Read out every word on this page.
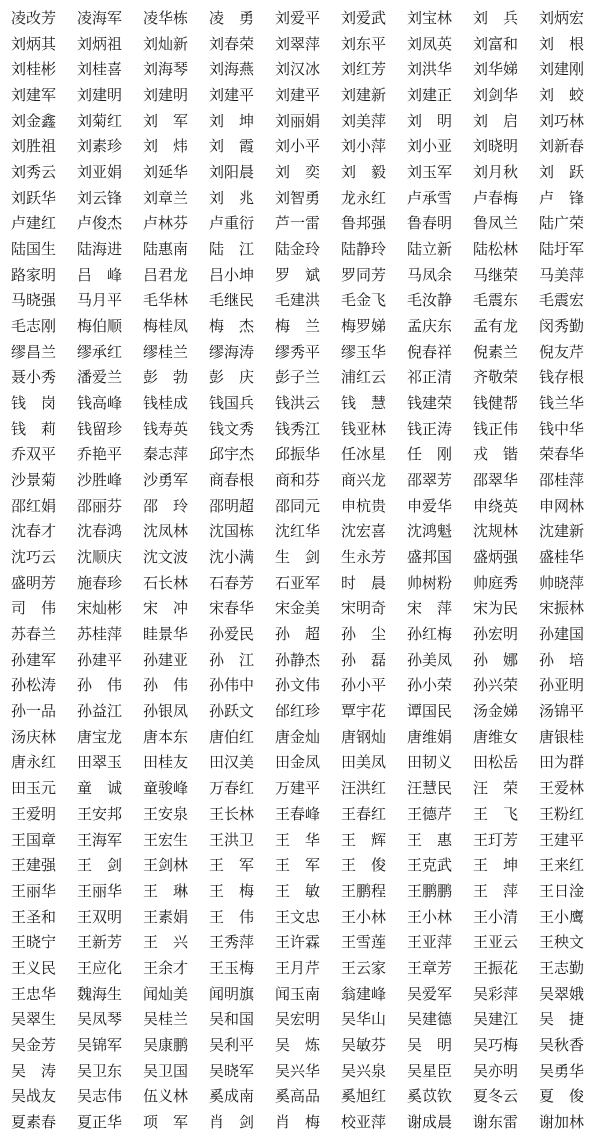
凌改芳	凌海军	凌华栋	凌　勇	刘爱平	刘爱武	刘宝林	刘　兵	刘炳宏
刘炳其	刘炳祖	刘灿新	刘春荣	刘翠萍	刘东平	刘凤英	刘富和	刘　根
刘桂彬	刘桂喜	刘海琴	刘海燕	刘汉冰	刘红芳	刘洪华	刘华娣	刘建刚
刘建军	刘建明	刘建明	刘建平	刘建平	刘建新	刘建正	刘剑华	刘　蛟
刘金鑫	刘菊红	刘　军	刘　坤	刘丽娟	刘美萍	刘　明	刘　启	刘巧林
刘胜祖	刘素珍	刘　炜	刘　霞	刘小平	刘小萍	刘小亚	刘晓明	刘新春
刘秀云	刘亚娟	刘延华	刘阳晨	刘　奕	刘　毅	刘玉军	刘月秋	刘　跃
刘跃华	刘云锋	刘章兰	刘　兆	刘智勇	龙永红	卢承雪	卢春梅	卢　锋
卢建红	卢俊杰	卢林芬	卢重衍	芦一雷	鲁邦强	鲁春明	鲁凤兰	陆广荣
陆国生	陆海进	陆惠南	陆　江	陆金玲	陆静玲	陆立新	陆松林	陆圩军
路家明	吕　峰	吕君龙	吕小坤	罗　斌	罗同芳	马凤余	马继荣	马美萍
马晓强	马月平	毛华林	毛继民	毛建洪	毛金飞	毛汝静	毛震东	毛震宏
毛志刚	梅伯顺	梅桂凤	梅　杰	梅　兰	梅罗娣	孟庆东	孟有龙	闵秀勤
缪昌兰	缪承红	缪桂兰	缪海涛	缪秀平	缪玉华	倪春祥	倪素兰	倪友芹
聂小秀	潘爱兰	彭　勃	彭　庆	彭子兰	浦红云	祁正清	齐敬荣	钱存根
钱　岗	钱高峰	钱桂成	钱国兵	钱洪云	钱　慧	钱建荣	钱健帮	钱兰华
钱　莉	钱留珍	钱寿英	钱文秀	钱秀江	钱亚林	钱正涛	钱正伟	钱中华
乔双平	乔艳平	秦志萍	邱宇杰	邱振华	任冰星	任　刚	戎　锴	荣春华
沙景菊	沙胜峰	沙勇军	商春根	商和芬	商兴龙	邵翠芳	邵翠华	邵桂萍
邵红娟	邵丽芬	邵　玲	邵明超	邵同元	申杭贵	申爱华	申绕英	申网林
沈春才	沈春鸿	沈凤林	沈国栋	沈红华	沈宏喜	沈鸿魁	沈规林	沈建新
沈巧云	沈顺庆	沈文波	沈小满	生　剑	生永芳	盛邦国	盛炳强	盛桂华
盛明芳	施春珍	石长林	石春芳	石亚军	时　晨	帅树粉	帅庭秀	帅晓萍
司　伟	宋灿彬	宋　冲	宋春华	宋金美	宋明奇	宋　萍	宋为民	宋振林
苏春兰	苏桂萍	眭景华	孙爱民	孙　超	孙　尘	孙红梅	孙宏明	孙建国
孙建军	孙建平	孙建亚	孙　江	孙静杰	孙　磊	孙美凤	孙　娜	孙　培
孙松涛	孙　伟	孙　伟	孙伟中	孙文伟	孙小平	孙小荣	孙兴荣	孙亚明
孙一品	孙益江	孙银凤	孙跃文	邰红珍	覃宇花	谭国民	汤金娣	汤锦平
汤庆林	唐宝龙	唐本东	唐伯红	唐金灿	唐钢灿	唐维娟	唐维女	唐银桂
唐永红	田翠玉	田桂友	田汉美	田金凤	田美凤	田韧义	田松岳	田为群
田玉元	童　诚	童骏峰	万春红	万建平	汪洪红	汪慧民	汪　荣	王爱林
王爱明	王安邦	王安泉	王长林	王春峰	王春红	王德芹	王　飞	王粉红
王国章	王海军	王宏生	王洪卫	王　华	王　辉	王　惠	王玎芳	王建平
王建强	王　剑	王剑林	王　军	王　军	王　俊	王克武	王　坤	王来红
王丽华	王丽华	王　琳	王　梅	王　敏	王鹏程	王鹏鹏	王　萍	王日淦
王圣和	王双明	王素娟	王　伟	王文忠	王小林	王小林	王小清	王小鹰
王晓宁	王新芳	王　兴	王秀萍	王许霖	王雪莲	王亚萍	王亚云	王秧文
王义民	王应化	王余才	王玉梅	王月芹	王云家	王章芳	王振花	王志勤
王忠华	魏海生	闻灿美	闻明旗	闻玉南	翁建峰	吴爱军	吴彩萍	吴翠娥
吴翠生	吴凤琴	吴桂兰	吴和国	吴宏明	吴华山	吴建德	吴建江	吴　捷
吴金芳	吴锦军	吴康鹏	吴利平	吴　炼	吴敏芬	吴　明	吴巧梅	吴秋香
吴　涛	吴卫东	吴卫国	吴晓军	吴兴华	吴兴泉	吴星臣	吴亦明	吴勇华
吴战友	吴志伟	伍义林	奚成南	奚高品	奚旭红	奚苡钦	夏冬云	夏　俊
夏素春	夏正华	项　军	肖　剑	肖　梅	校亚萍	谢成晨	谢东雷	谢加林
